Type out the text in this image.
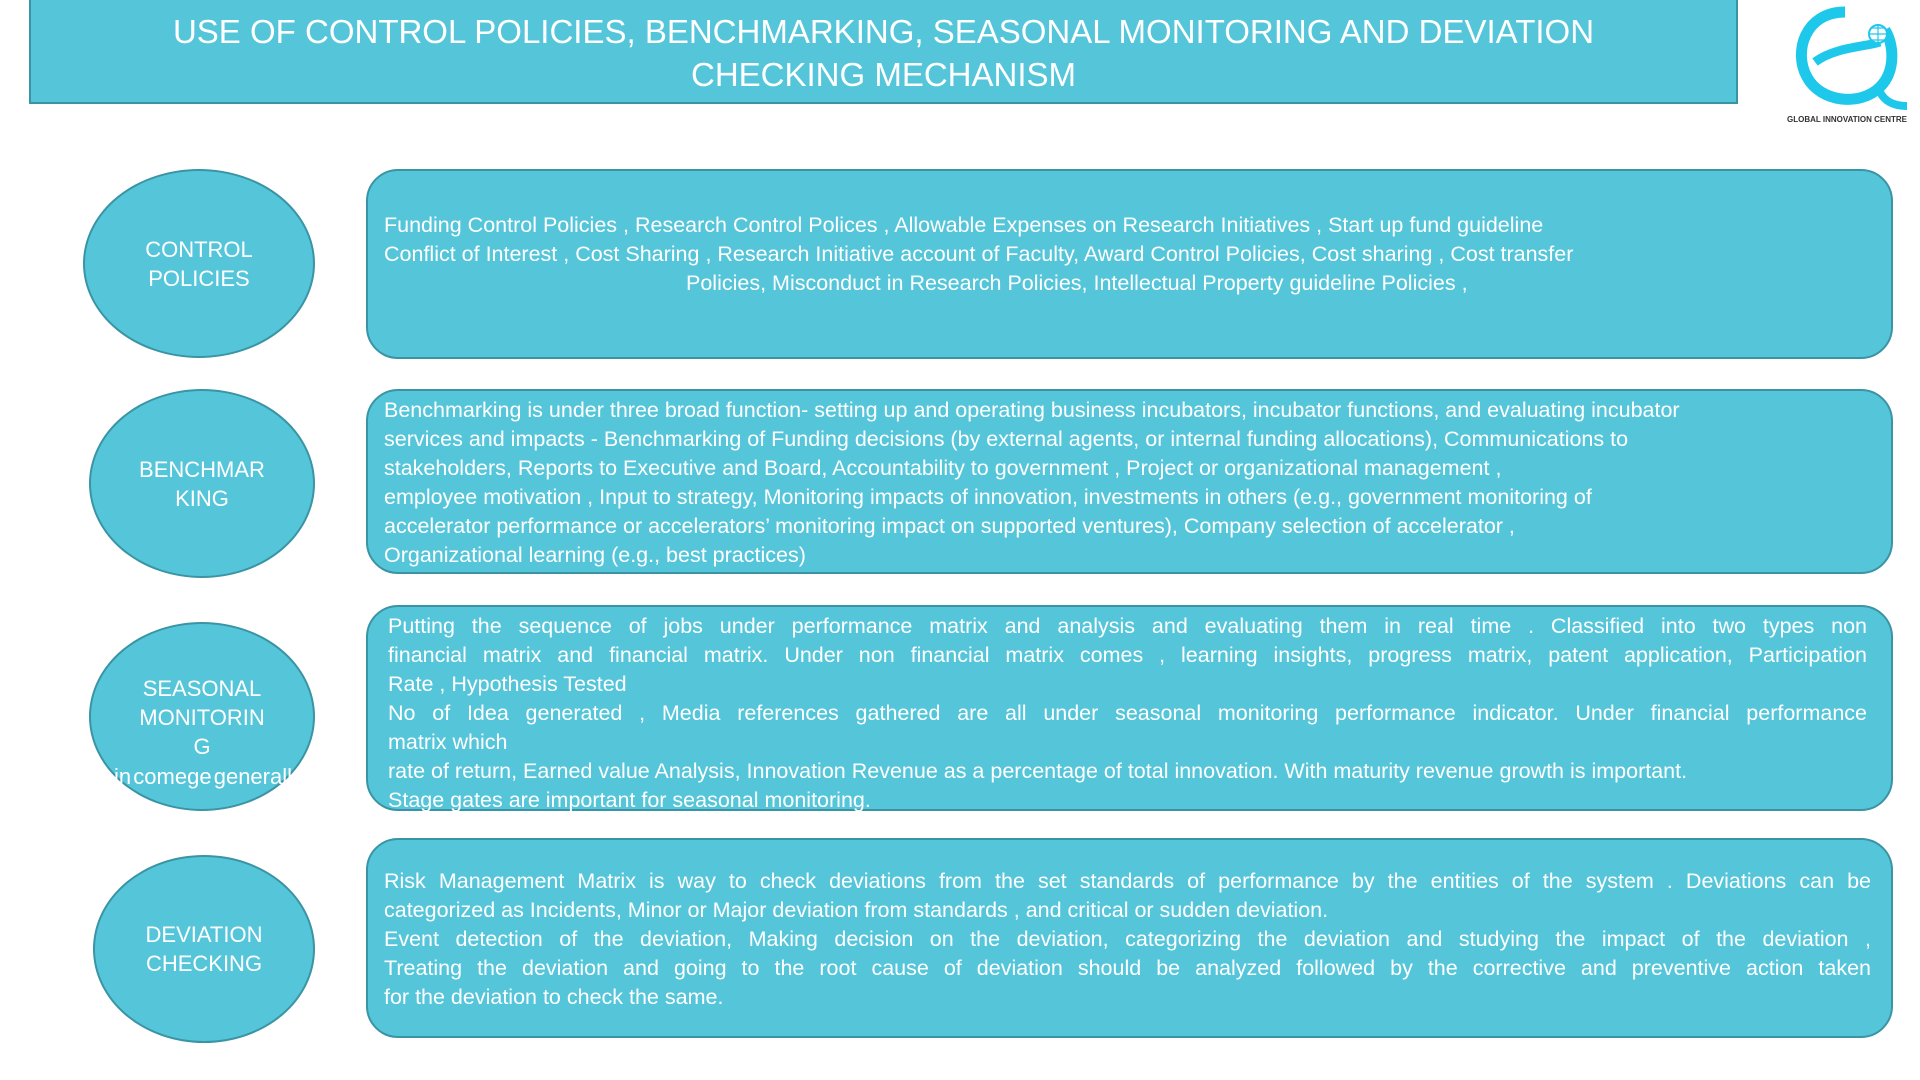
USE OF CONTROL POLICIES, BENCHMARKING, SEASONAL MONITORING AND DEVIATION
CHECKING MECHANISM
GLOBAL INNOVATION CENTRE
CONTROL
POLICIES
Funding Control Policies , Research Control Polices , Allowable Expenses on Research Initiatives , Start up fund guideline
Conflict of Interest , Cost Sharing , Research Initiative account of Faculty, Award Control Policies, Cost sharing , Cost transfer
Policies, Misconduct in Research Policies, Intellectual Property guideline Policies ,
BENCHMAR
KING
Benchmarking is under three broad function- setting up and operating business incubators, incubator functions, and evaluating incubator
services and impacts - Benchmarking of Funding decisions (by external agents, or internal funding allocations), Communications to
stakeholders, Reports to Executive and Board, Accountability to government , Project or organizational management ,
employee motivation , Input to strategy, Monitoring impacts of innovation, investments in others (e.g., government monitoring of
accelerator performance or accelerators’ monitoring impact on supported ventures), Company selection of accelerator ,
Organizational learning (e.g., best practices)
SEASONAL
MONITORIN
G
in comege generall
Putting the sequence of jobs under performance matrix and analysis and evaluating them in real time . Classified into two types non
financial matrix and financial matrix. Under non financial matrix comes , learning insights, progress matrix, patent application, Participation
Rate , Hypothesis Tested
No of Idea generated , Media references gathered are all under seasonal monitoring performance indicator. Under financial performance
matrix which
rate of return, Earned value Analysis, Innovation Revenue as a percentage of total innovation. With maturity revenue growth is important.
Stage gates are important for seasonal monitoring.
DEVIATION
CHECKING
Risk Management Matrix is way to check deviations from the set standards of performance by the entities of the system . Deviations can be
categorized as Incidents, Minor or Major deviation from standards , and critical or sudden deviation.
Event detection of the deviation, Making decision on the deviation, categorizing the deviation and studying the impact of the deviation ,
Treating the deviation and going to the root cause of deviation should be analyzed followed by the corrective and preventive action taken
for the deviation to check the same.
